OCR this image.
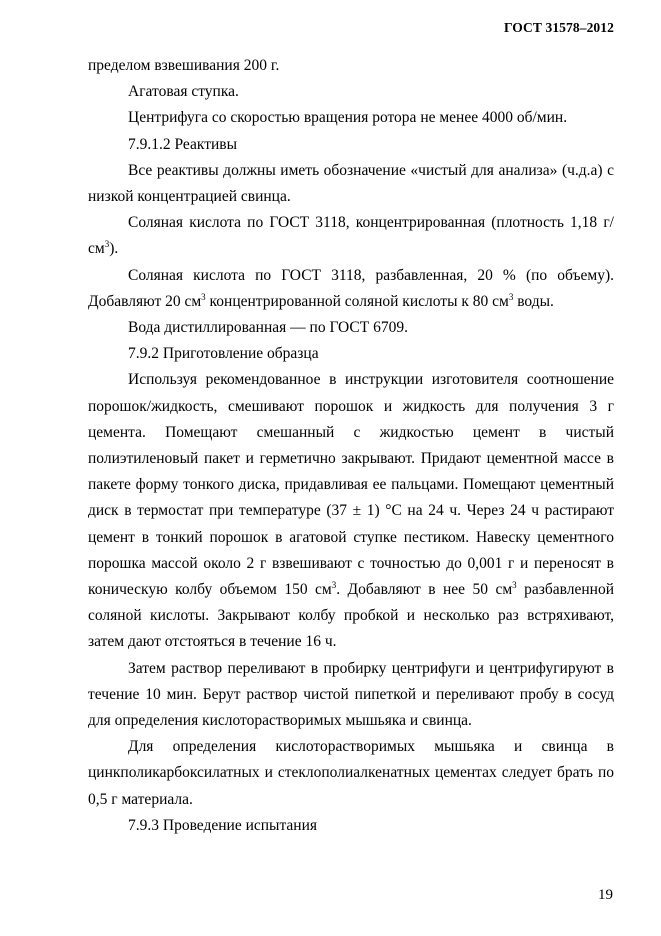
ГОСТ 31578–2012

пределом взвешивания 200 г.

Агатовая ступка.

Центрифуга со скоростью вращения ротора не менее 4000 об/мин.

7.9.1.2 Реактивы

Все реактивы должны иметь обозначение «чистый для анализа» (ч.д.а) с низкой концентрацией свинца.

Соляная кислота по ГОСТ 3118, концентрированная (плотность 1,18 $г/см^3$).

Соляная кислота по ГОСТ 3118, разбавленная, 20 % (по объему). Добавляют 20 $см^3$ концентрированной соляной кислоты к 80 $см^3$ воды.

Вода дистиллированная — по ГОСТ 6709.

7.9.2 Приготовление образца

Используя рекомендованное в инструкции изготовителя соотношение порошок/жидкость, смешивают порошок и жидкость для получения 3 г цемента. Помещают смешанный с жидкостью цемент в чистый полиэтиленовый пакет и герметично закрывают. Придают цементной массе в пакете форму тонкого диска, придавливая ее пальцами. Помещают цементный диск в термостат при температуре (37 ± 1) °С на 24 ч. Через 24 ч растирают цемент в тонкий порошок в агатовой ступке пестиком. Навеску цементного порошка массой около 2 г взвешивают с точностью до 0,001 г и переносят в коническую колбу объемом 150 $см^3$. Добавляют в нее 50 $см^3$ разбавленной соляной кислоты. Закрывают колбу пробкой и несколько раз встряхивают, затем дают отстояться в течение 16 ч.

Затем раствор переливают в пробирку центрифуги и центрифугируют в течение 10 мин. Берут раствор чистой пипеткой и переливают пробу в сосуд для определения кислоторастворимых мышьяка и свинца.

Для определения кислоторастворимых мышьяка и свинца в цинкполикарбоксилатных и стеклополиалкенатных цементах следует брать по 0,5 г материала.

7.9.3 Проведение испытания

19
